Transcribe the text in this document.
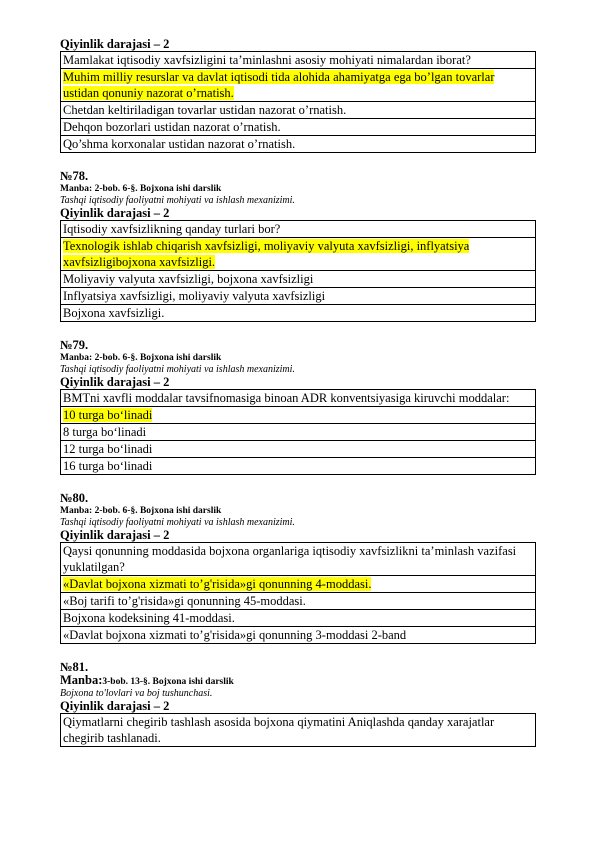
Qiyinlik darajasi – 2
Mamlakat iqtisodiy xavfsizligini ta’minlashni asosiy mohiyati nimalardan iborat?
Muhim milliy resurslar va davlat iqtisodi tida alohida ahamiyatga ega bo’lgan tovarlar ustidan qonuniy nazorat o’rnatish.
Chetdan keltiriladigan tovarlar ustidan nazorat o’rnatish.
Dehqon bozorlari ustidan nazorat o’rnatish.
Qo’shma korxonalar ustidan nazorat o’rnatish.
№78.
Manba: 2-bob. 6-§. Bojxona ishi darslik
Tashqi iqtisodiy faoliyatni mohiyati va ishlash mexanizimi.
Qiyinlik darajasi – 2
Iqtisodiy xavfsizlikning qanday turlari bor?
Texnologik ishlab chiqarish xavfsizligi, moliyaviy valyuta xavfsizligi, inflyatsiya xavfsizligibojxona xavfsizligi.
Moliyaviy valyuta xavfsizligi, bojxona xavfsizligi
Inflyatsiya xavfsizligi, moliyaviy valyuta xavfsizligi
Bojxona xavfsizligi.
№79.
Manba: 2-bob. 6-§. Bojxona ishi darslik
Tashqi iqtisodiy faoliyatni mohiyati va ishlash mexanizimi.
Qiyinlik darajasi – 2
BMTni xavfli moddalar tavsifnomasiga binoan ADR konventsiyasiga kiruvchi moddalar:
10 turga bo‘linadi
8 turga bo‘linadi
12 turga bo‘linadi
16 turga bo‘linadi
№80.
Manba: 2-bob. 6-§. Bojxona ishi darslik
Tashqi iqtisodiy faoliyatni mohiyati va ishlash mexanizimi.
Qiyinlik darajasi – 2
Qaysi qonunning moddasida bojxona organlariga iqtisodiy xavfsizlikni ta’minlash vazifasi yuklatilgan?
«Davlat bojxona xizmati to’g'risida»gi qonunning 4-moddasi.
«Boj tarifi to’g'risida»gi qonunning 45-moddasi.
Bojxona kodeksining 41-moddasi.
«Davlat bojxona xizmati to’g'risida»gi qonunning 3-moddasi 2-band
№81.
Manba:3-bob. 13-§. Bojxona ishi darslik
Bojxona to'lovlari va boj tushunchasi.
Qiyinlik darajasi – 2
Qiymatlarni chegirib tashlash asosida bojxona qiymatini Aniqlashda qanday xarajatlar chegirib tashlanadi.
